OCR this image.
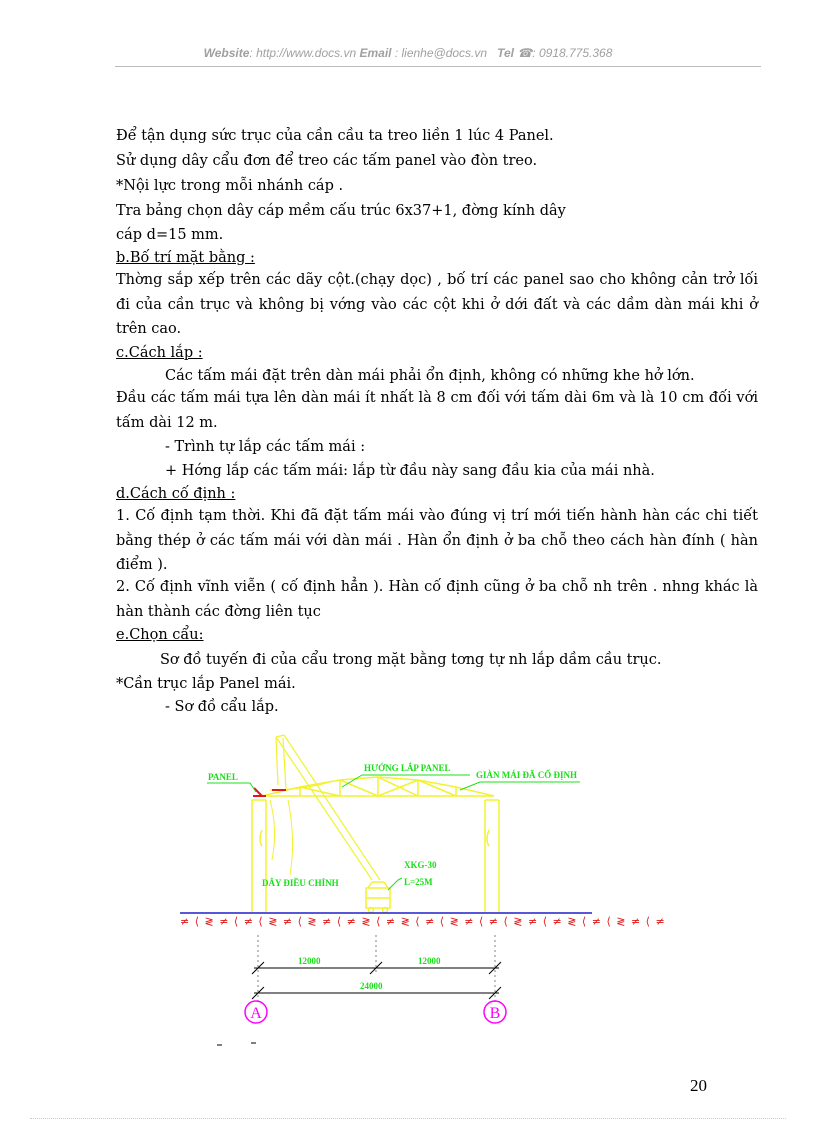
Website: http://www.docs.vn Email : lienhe@docs.vn Tel ☎: 0918.775.368
Để tận dụng sức trục của cần cầu ta treo liền 1 lúc 4 Panel.
Sử dụng dây cẩu đơn để treo các tấm panel vào đòn treo.
*Nội lực trong mỗi nhánh cáp .
Tra bảng chọn dây cáp mềm cấu trúc 6x37+1, đờng kính dây
cáp d=15 mm.
b.Bố trí mặt bằng :
Thờng sắp xếp trên các dãy cột.(chạy dọc) , bố trí các panel sao cho không cản trở lối đi của cần trục và không bị vớng vào các cột khi ở dới đất và các dầm dàn mái khi ở trên cao.
c.Cách lắp :
Các tấm mái đặt trên dàn mái phải ổn định, không có những khe hở lớn.
Đầu các tấm mái tựa lên dàn mái ít nhất là 8 cm đối với tấm dài 6m và là 10 cm đối với tấm dài 12 m.
- Trình tự lắp các tấm mái :
+ Hớng lắp các tấm mái: lắp từ đầu này sang đầu kia của mái nhà.
d.Cách cố định :
1. Cố định tạm thời. Khi đã đặt tấm mái vào đúng vị trí mới tiến hành hàn các chi tiết bằng thép ở các tấm mái với dàn mái . Hàn ổn định ở ba chỗ theo cách hàn đính ( hàn điểm ).
2. Cố định vĩnh viễn ( cố định hẳn ). Hàn cố định cũng ở ba chỗ nh trên . nhng khác là hàn thành các đờng liên tục
e.Chọn cẩu:
Sơ đồ tuyến đi của cẩu trong mặt bằng tơng tự nh lắp dầm cầu trục.
*Cần trục lắp Panel mái.
- Sơ đồ cẩu lắp.
≠ ⟨ ≷ ≠ ⟨ ≠ ⟨ ≷ ≠ ⟨ ≷ ≠ ⟨ ≠ ≷ ⟨ ≠ ≷ ⟨ ≠ ⟨ ≷ ≠ ⟨ ≠ ⟨ ≷ ≠ ⟨ ≠ ≷ ⟨ ≠ ⟨ ≷ ≠ ⟨ ≠
A	B
12000	12000
24000
PANEL
HƯỚNG LẮP PANEL
GIÀN MÁI ĐÃ CỐ ĐỊNH
DÂY ĐIỀU CHỈNH
XKG-30
L=25M
20
